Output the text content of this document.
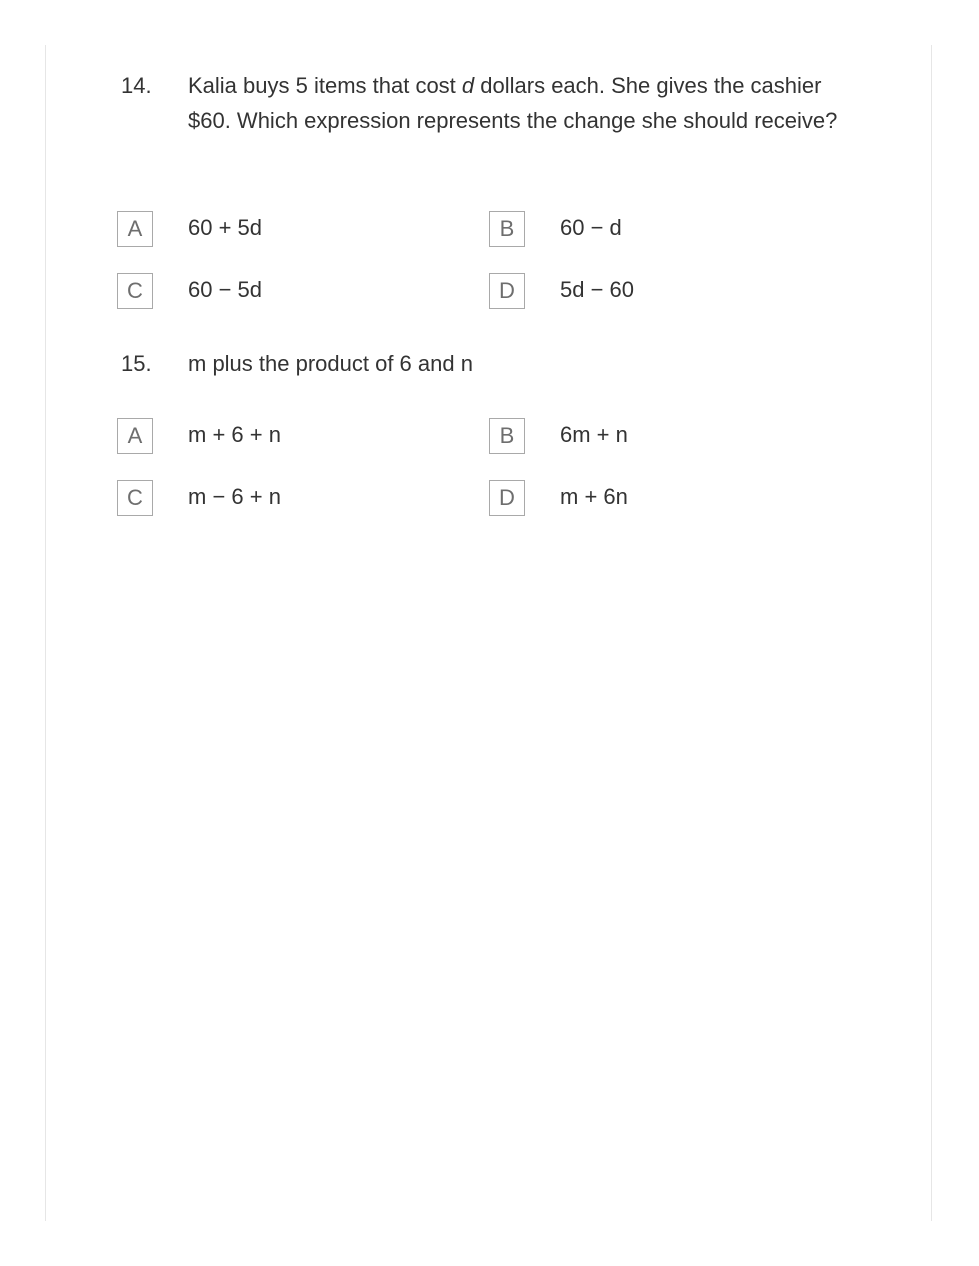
14. Kalia buys 5 items that cost d dollars each. She gives the cashier $60. Which expression represents the change she should receive?
A	60 + 5d	B	60 − d
C	60 − 5d	D	5d − 60
15. m plus the product of 6 and n
A	m + 6 + n	B	6m + n
C	m − 6 + n	D	m + 6n
